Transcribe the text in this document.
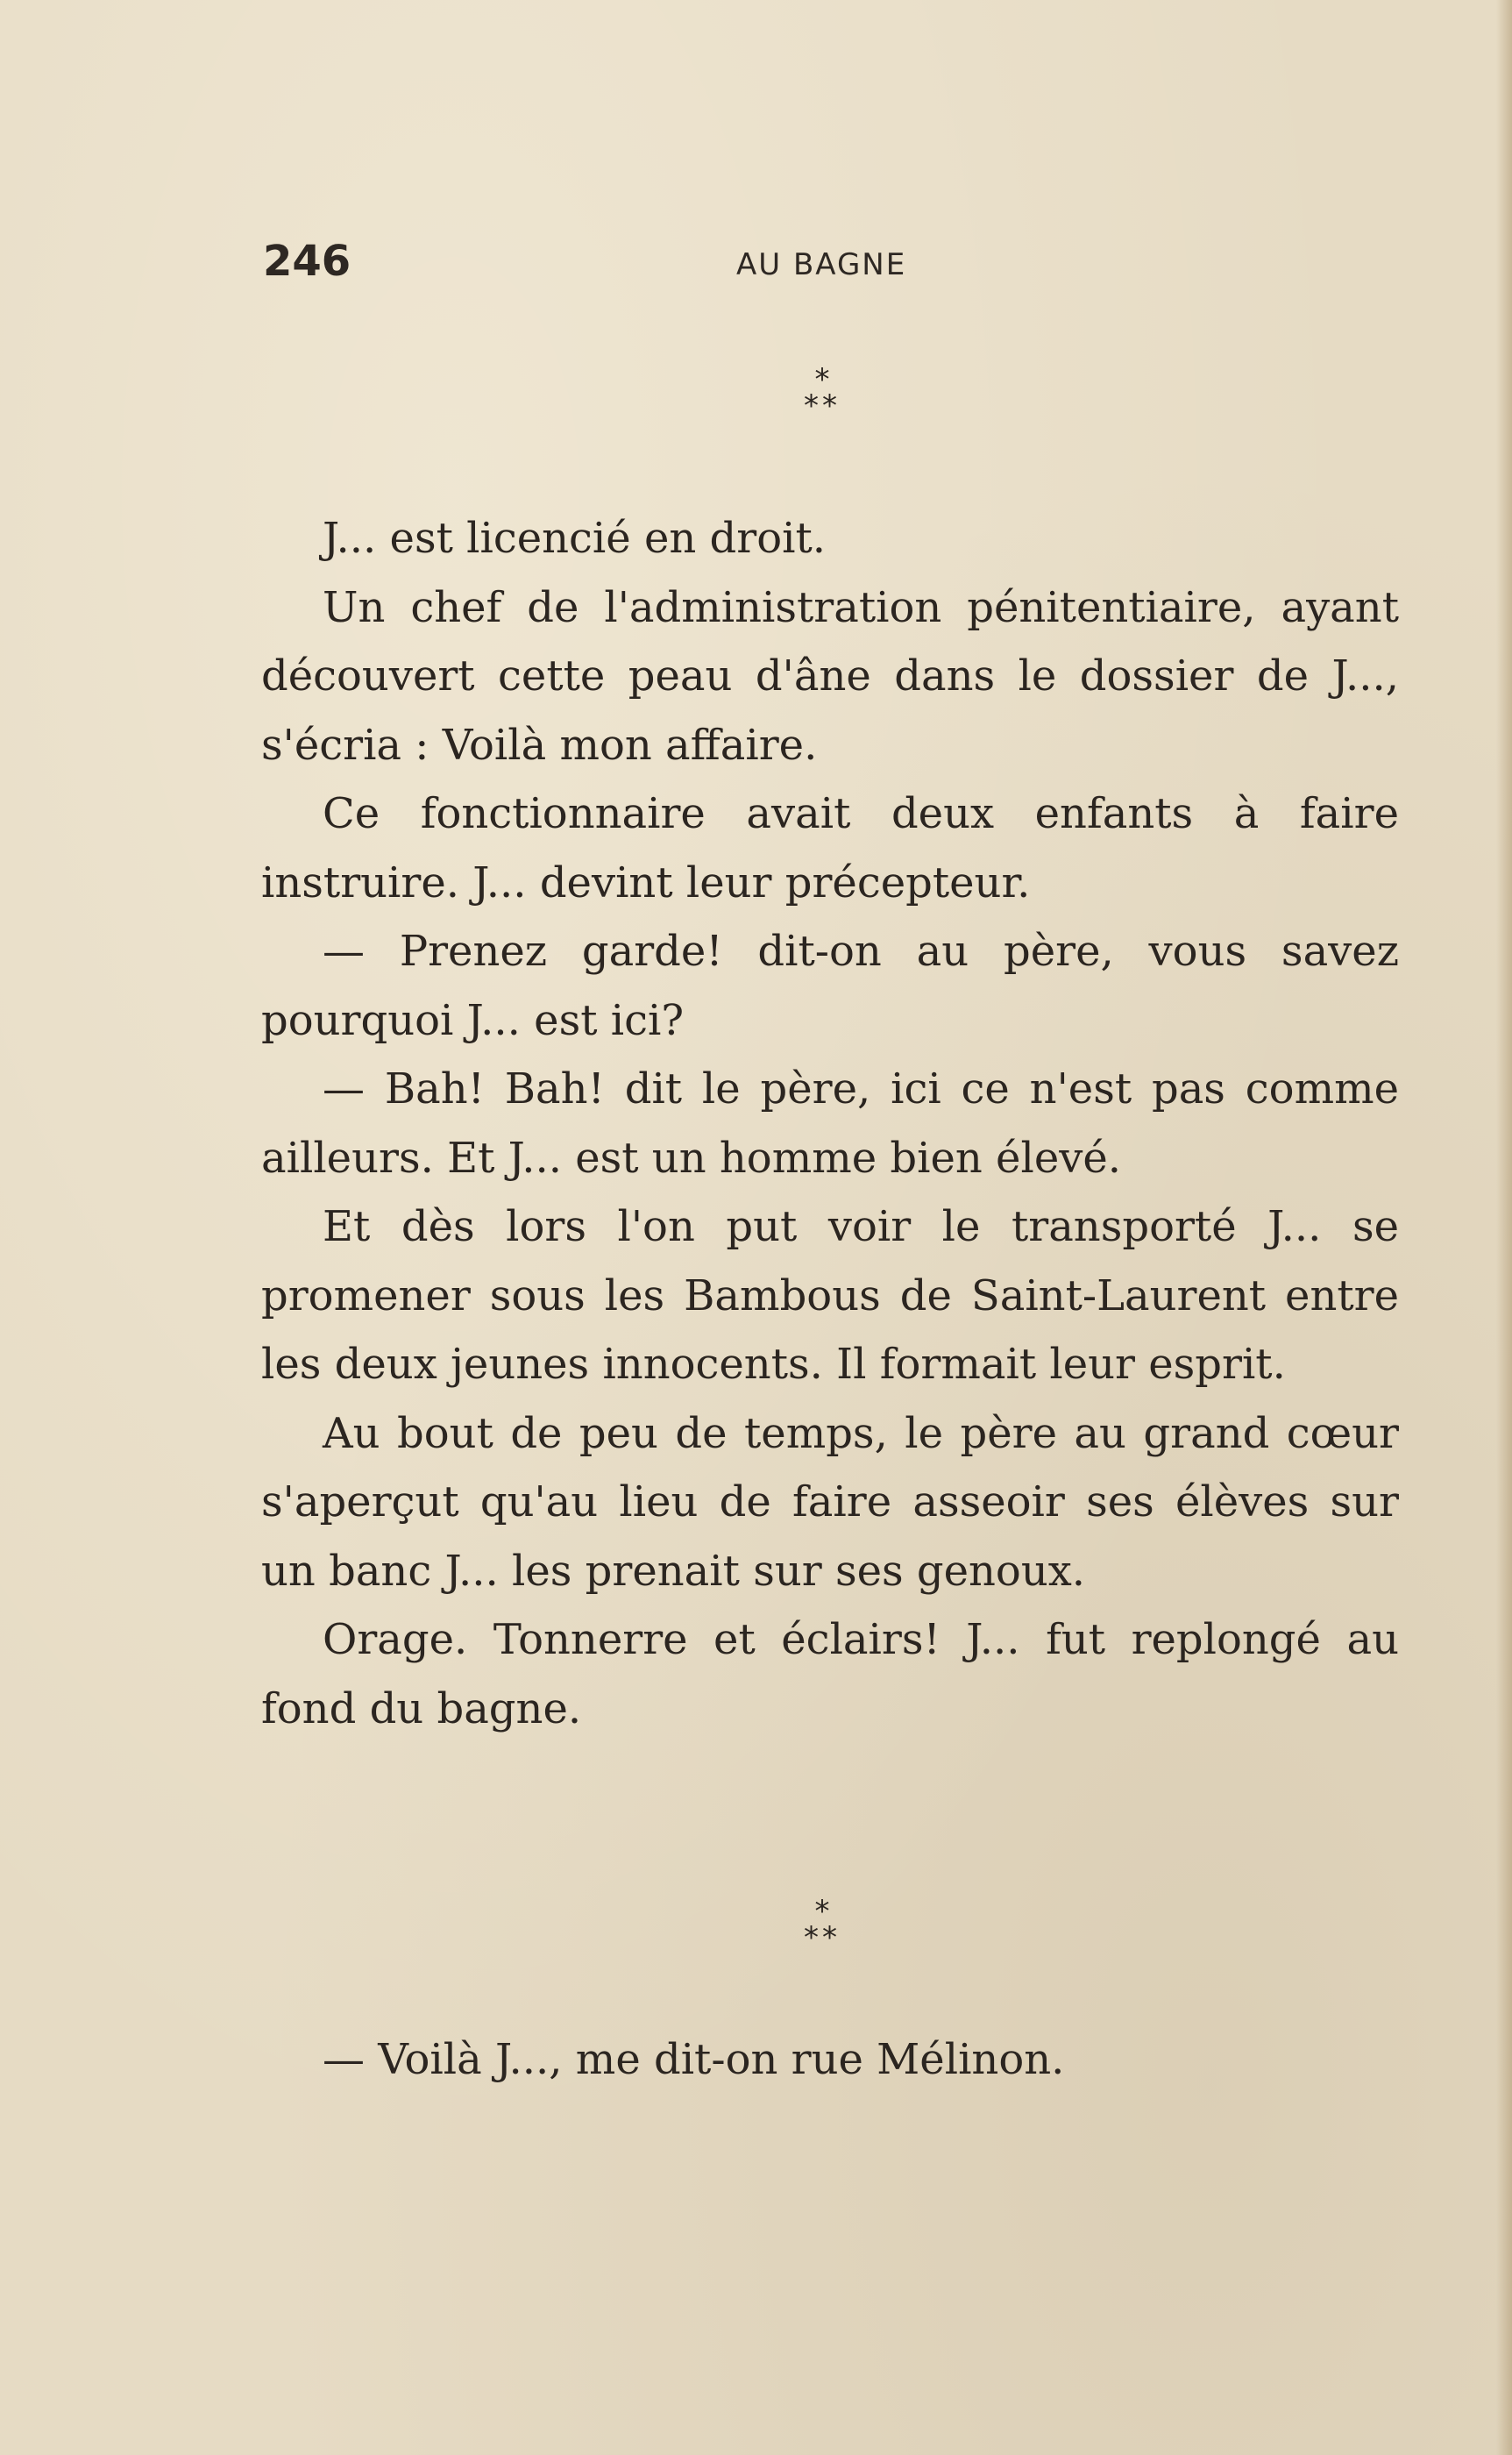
246	AU BAGNE
*
**

J... est licencié en droit.

Un chef de l'administration pénitentiaire, ayant découvert cette peau d'âne dans le dossier de J..., s'écria : Voilà mon affaire.

Ce fonctionnaire avait deux enfants à faire instruire. J... devint leur précepteur.

— Prenez garde! dit-on au père, vous savez pourquoi J... est ici?

— Bah! Bah! dit le père, ici ce n'est pas comme ailleurs. Et J... est un homme bien élevé.

Et dès lors l'on put voir le transporté J... se promener sous les Bambous de Saint-Laurent entre les deux jeunes innocents. Il formait leur esprit.

Au bout de peu de temps, le père au grand cœur s'aperçut qu'au lieu de faire asseoir ses élèves sur un banc J... les prenait sur ses genoux.

Orage. Tonnerre et éclairs! J... fut replongé au fond du bagne.

*
**

— Voilà J..., me dit-on rue Mélinon.
